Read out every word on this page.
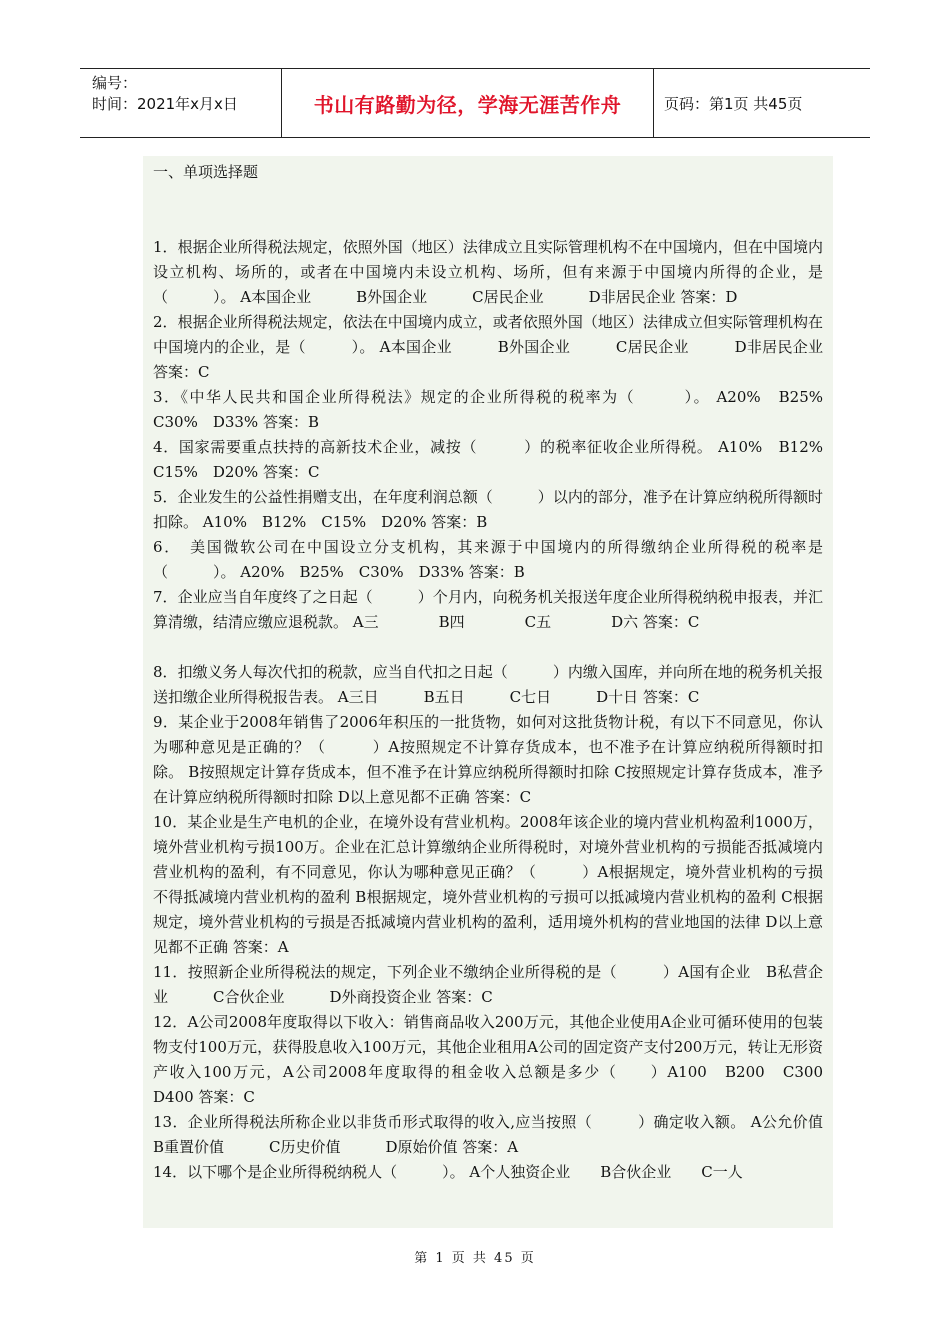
编号：
时间：2021年x月x日	书山有路勤为径，学海无涯苦作舟	页码：第1页 共45页

一、单项选择题

1．根据企业所得税法规定，依照外国（地区）法律成立且实际管理机构不在中国境内，但在中国境内设立机构、场所的，或者在中国境内未设立机构、场所，但有来源于中国境内所得的企业，是（　　　）。 A本国企业　　　B外国企业　　　C居民企业　　　D非居民企业 答案：D

2．根据企业所得税法规定，依法在中国境内成立，或者依照外国（地区）法律成立但实际管理机构在中国境内的企业，是（　　　）。 A本国企业　　　B外国企业　　　C居民企业　　　D非居民企业 答案：C

3．《中华人民共和国企业所得税法》规定的企业所得税的税率为（　　　）。 A20%　B25%　C30%　D33% 答案：B

4．国家需要重点扶持的高新技术企业，减按（　　　）的税率征收企业所得税。 A10%　B12%　C15%　D20% 答案：C

5．企业发生的公益性捐赠支出，在年度利润总额（　　　）以内的部分，准予在计算应纳税所得额时扣除。 A10%　B12%　C15%　D20% 答案：B

6．　美国微软公司在中国设立分支机构，其来源于中国境内的所得缴纳企业所得税的税率是（　　　）。 A20%　B25%　C30%　D33% 答案：B

7．企业应当自年度终了之日起（　　　）个月内，向税务机关报送年度企业所得税纳税申报表，并汇算清缴，结清应缴应退税款。 A三　　　　B四　　　　C五　　　　D六 答案：C

8．扣缴义务人每次代扣的税款，应当自代扣之日起（　　　）内缴入国库，并向所在地的税务机关报送扣缴企业所得税报告表。 A三日　　　B五日　　　C七日　　　D十日 答案：C

9．某企业于2008年销售了2006年积压的一批货物，如何对这批货物计税，有以下不同意见，你认为哪种意见是正确的？（　　　）A按照规定不计算存货成本，也不准予在计算应纳税所得额时扣除。 B按照规定计算存货成本，但不准予在计算应纳税所得额时扣除 C按照规定计算存货成本，准予在计算应纳税所得额时扣除 D以上意见都不正确 答案：C

10．某企业是生产电机的企业，在境外设有营业机构。2008年该企业的境内营业机构盈利1000万，境外营业机构亏损100万。企业在汇总计算缴纳企业所得税时，对境外营业机构的亏损能否抵减境内营业机构的盈利，有不同意见，你认为哪种意见正确？（　　　）A根据规定，境外营业机构的亏损不得抵减境内营业机构的盈利 B根据规定，境外营业机构的亏损可以抵减境内营业机构的盈利 C根据规定，境外营业机构的亏损是否抵减境内营业机构的盈利，适用境外机构的营业地国的法律 D以上意见都不正确 答案：A

11．按照新企业所得税法的规定，下列企业不缴纳企业所得税的是（　　　）A国有企业　B私营企业　　　C合伙企业　　　D外商投资企业 答案：C

12．A公司2008年度取得以下收入：销售商品收入200万元，其他企业使用A企业可循环使用的包装物支付100万元，获得股息收入100万元，其他企业租用A公司的固定资产支付200万元，转让无形资产收入100万元，A公司2008年度取得的租金收入总额是多少（　　）A100　B200　C300　D400 答案：C

13．企业所得税法所称企业以非货币形式取得的收入,应当按照（　　　）确定收入额。 A公允价值　　　B重置价值　　　C历史价值　　　D原始价值 答案：A

14．以下哪个是企业所得税纳税人（　　　）。 A个人独资企业　　B合伙企业　　C一人

第 1 页 共 45 页
